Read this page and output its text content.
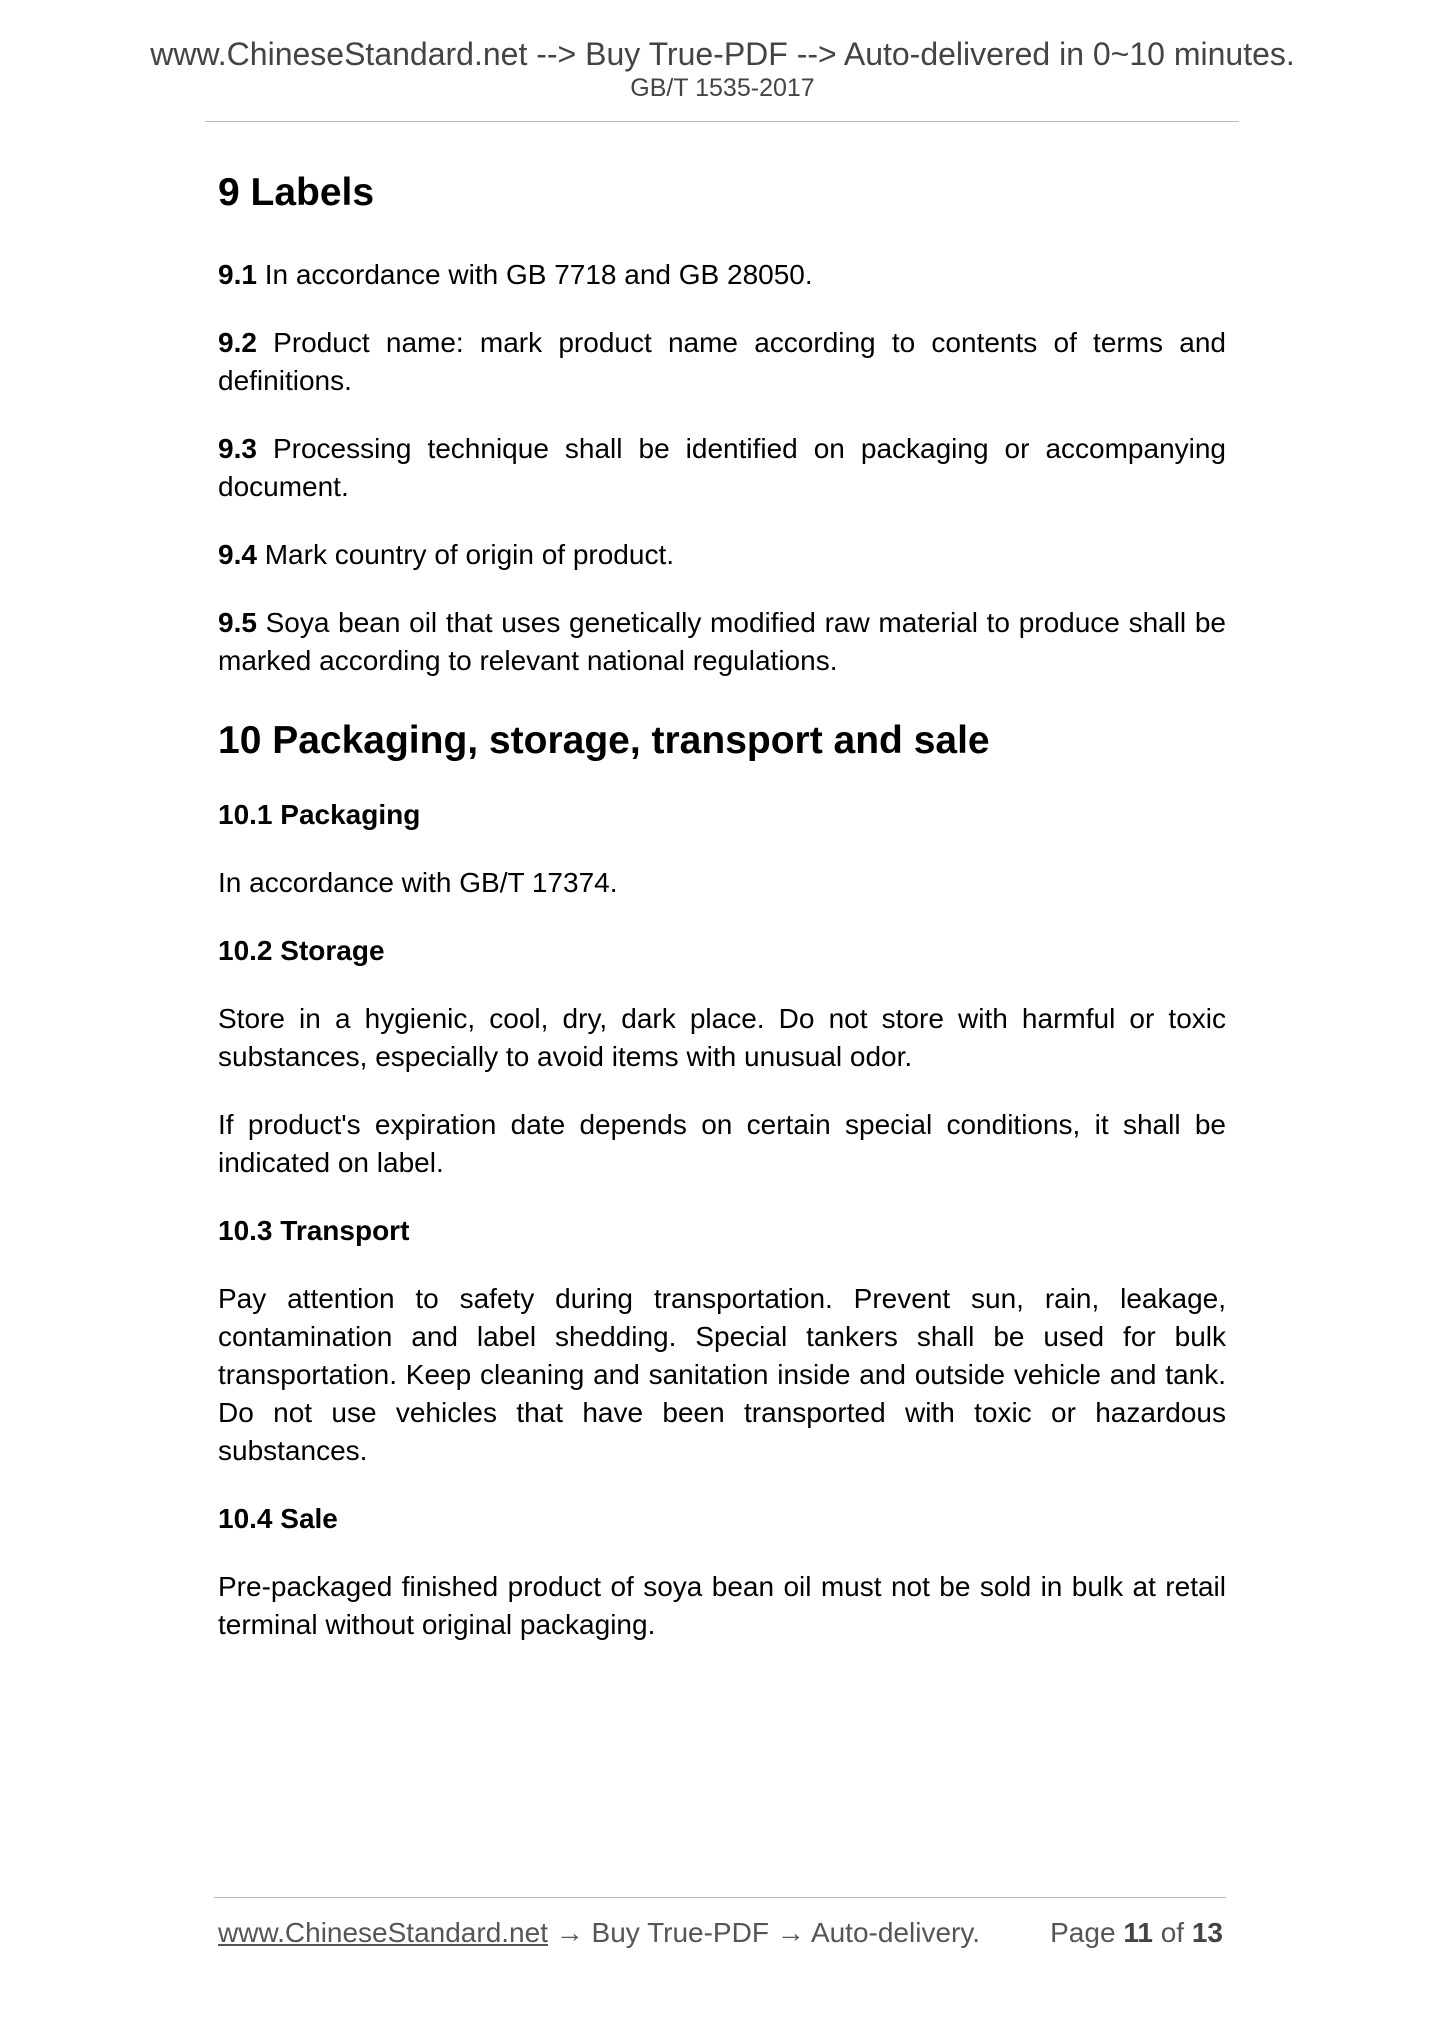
www.ChineseStandard.net --> Buy True-PDF --> Auto-delivered in 0~10 minutes.
GB/T 1535-2017
9 Labels

9.1 In accordance with GB 7718 and GB 28050.

9.2 Product name: mark product name according to contents of terms and definitions.

9.3 Processing technique shall be identified on packaging or accompanying document.

9.4 Mark country of origin of product.

9.5 Soya bean oil that uses genetically modified raw material to produce shall be marked according to relevant national regulations.

10 Packaging, storage, transport and sale
10.1 Packaging

In accordance with GB/T 17374.

10.2 Storage

Store in a hygienic, cool, dry, dark place. Do not store with harmful or toxic substances, especially to avoid items with unusual odor.

If product's expiration date depends on certain special conditions, it shall be indicated on label.

10.3 Transport

Pay attention to safety during transportation. Prevent sun, rain, leakage, contamination and label shedding. Special tankers shall be used for bulk transportation. Keep cleaning and sanitation inside and outside vehicle and tank. Do not use vehicles that have been transported with toxic or hazardous substances.

10.4 Sale

Pre-packaged finished product of soya bean oil must not be sold in bulk at retail terminal without original packaging.

www.ChineseStandard.net → Buy True-PDF → Auto-delivery.	Page 11 of 13
